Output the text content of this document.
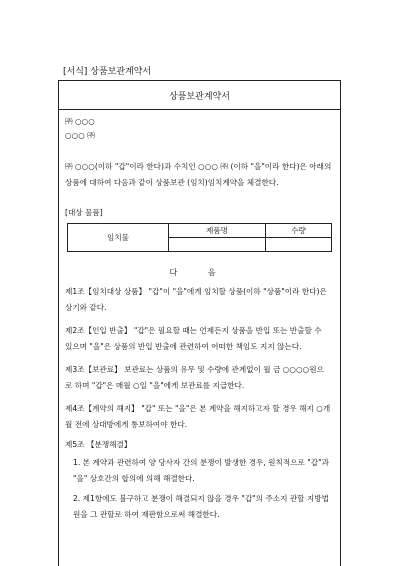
[서식] 상품보관계약서
상품보관계약서
㈜ ○○○
○○○ ㈜
㈜ ○○○(이하 "갑"이라 한다)과 수치인 ○○○ ㈜ (이하 "을"이라 한다)은 아래의 상품에 대하여 다음과 같이 상품보관 (임치)임치계약을 체결한다.
[대상 물품]
임치물	제품명	수량

다 음
제1조【임치대상 상품】 "갑"이 "을"에게 임치할 상품(이하 "상품"이라 한다)은 상기와 같다.
제2조【인입 반출】 "갑"은 필요할 때는 언제든지 상품을 반입 또는 반출할 수 있으며 "을"은 상품의 반입 반출에 관련하여 어떠한 책임도 지지 않는다.
제3조【보관료】 보관료는 상품의 유무 및 수량에 관계없이 월 금 ○○○○원으로 하며 "갑"은 매월 ○일 "을"에게 보관료를 지급한다.
제4조【계약의 해지】 "갑" 또는 "을"은 본 계약을 해지하고자 할 경우 해지 ○개월 전에 상대방에게 통보하여야 한다.
제5조 【분쟁해결】
1. 본 계약과 관련하여 양 당사자 간의 분쟁이 발생한 경우, 원칙적으로 "갑"과 "을" 상호간의 합의에 의해 해결한다.
2. 제1항에도 불구하고 분쟁이 해결되지 않을 경우 "갑"의 주소지 관할 지방법원을 그 관할로 하여 재판함으로써 해결한다.
